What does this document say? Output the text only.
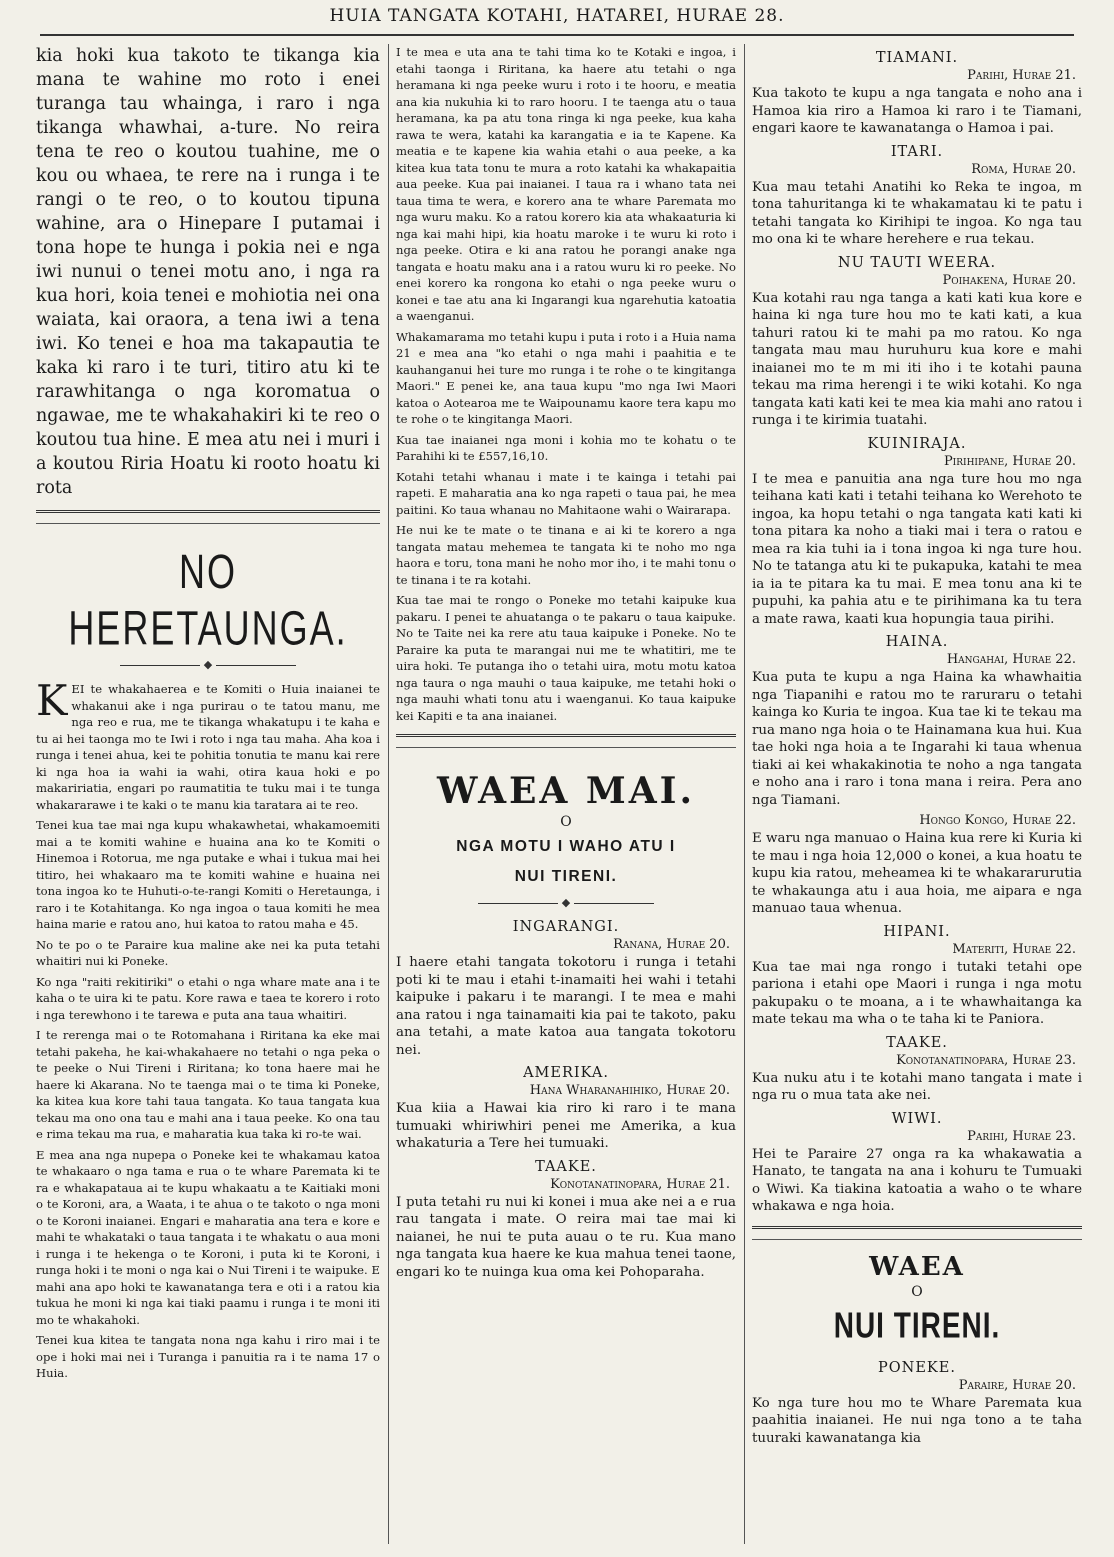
HUIA TANGATA KOTAHI, HATAREI, HURAE 28.

kia hoki kua takoto te tikanga kia mana te wahine mo roto i enei turanga tau whainga, i raro i nga tikanga whawhai, a-ture. No reira tena te reo o koutou tuahine, me o kou ou whaea, te rere na i runga i te rangi o te reo, o to koutou tipuna wahine, ara o Hinepare I putamai i tona hope te hunga i pokia nei e nga iwi nunui o tenei motu ano, i nga ra kua hori, koia tenei e mohiotia nei ona waiata, kai oraora, a tena iwi a tena iwi. Ko tenei e hoa ma takapautia te kaka ki raro i te turi, titiro atu ki te rarawhitanga o nga koromatua o ngawae, me te whakahakiri ki te reo o koutou tua hine. E mea atu nei i muri i a koutou Riria Hoatu ki rooto hoatu ki rota

NO HERETAUNGA.
◆

KEI te whakahaerea e te Komiti o Huia inaianei te whakanui ake i nga purirau o te tatou manu, me nga reo e rua, me te tikanga whakatupu i te kaha e tu ai hei taonga mo te Iwi i roto i nga tau maha. Aha koa i runga i tenei ahua, kei te pohitia tonutia te manu kai rere ki nga hoa ia wahi ia wahi, otira kaua hoki e po makaririatia, engari po raumatitia te tuku mai i te tunga whakararawe i te kaki o te manu kia taratara ai te reo.

Tenei kua tae mai nga kupu whakawhetai, whakamoemiti mai a te komiti wahine e huaina ana ko te Komiti o Hinemoa i Rotorua, me nga putake e whai i tukua mai hei titiro, hei whakaaro ma te komiti wahine e huaina nei tona ingoa ko te Huhuti-o-te-rangi Komiti o Heretaunga, i raro i te Kotahitanga. Ko nga ingoa o taua komiti he mea haina marie e ratou ano, hui katoa to ratou maha e 45.

No te po o te Paraire kua maline ake nei ka puta tetahi whaitiri nui ki Poneke.

Ko nga "raiti rekitiriki" o etahi o nga whare mate ana i te kaha o te uira ki te patu. Kore rawa e taea te korero i roto i nga terewhono i te tarewa e puta ana taua whaitiri.

I te rerenga mai o te Rotomahana i Riritana ka eke mai tetahi pakeha, he kai-whakahaere no tetahi o nga peka o te peeke o Nui Tireni i Riritana; ko tona haere mai he haere ki Akarana. No te taenga mai o te tima ki Poneke, ka kitea kua kore tahi taua tangata. Ko taua tangata kua tekau ma ono ona tau e mahi ana i taua peeke. Ko ona tau e rima tekau ma rua, e maharatia kua taka ki ro-te wai.

E mea ana nga nupepa o Poneke kei te whakamau katoa te whakaaro o nga tama e rua o te whare Paremata ki te ra e whakapataua ai te kupu whakaatu a te Kaitiaki moni o te Koroni, ara, a Waata, i te ahua o te takoto o nga moni o te Koroni inaianei. Engari e maharatia ana tera e kore e mahi te whakataki o taua tangata i te whakatu o aua moni i runga i te hekenga o te Koroni, i puta ki te Koroni, i runga hoki i te moni o nga kai o Nui Tireni i te waipuke. E mahi ana apo hoki te kawanatanga tera e oti i a ratou kia tukua he moni ki nga kai tiaki paamu i runga i te moni iti mo te whakahoki.

Tenei kua kitea te tangata nona nga kahu i riro mai i te ope i hoki mai nei i Turanga i panuitia ra i te nama 17 o Huia.

I te mea e uta ana te tahi tima ko te Kotaki e ingoa, i etahi taonga i Riritana, ka haere atu tetahi o nga heramana ki nga peeke wuru i roto i te hooru, e meatia ana kia nukuhia ki to raro hooru. I te taenga atu o taua heramana, ka pa atu tona ringa ki nga peeke, kua kaha rawa te wera, katahi ka karangatia e ia te Kapene. Ka meatia e te kapene kia wahia etahi o aua peeke, a ka kitea kua tata tonu te mura a roto katahi ka whakapaitia aua peeke. Kua pai inaianei. I taua ra i whano tata nei taua tima te wera, e korero ana te whare Paremata mo nga wuru maku. Ko a ratou korero kia ata whakaaturia ki nga kai mahi hipi, kia hoatu maroke i te wuru ki roto i nga peeke. Otira e ki ana ratou he porangi anake nga tangata e hoatu maku ana i a ratou wuru ki ro peeke. No enei korero ka rongona ko etahi o nga peeke wuru o konei e tae atu ana ki Ingarangi kua ngarehutia katoatia a waenganui.

Whakamarama mo tetahi kupu i puta i roto i a Huia nama 21 e mea ana "ko etahi o nga mahi i paahitia e te kauhanganui hei ture mo runga i te rohe o te kingitanga Maori." E penei ke, ana taua kupu "mo nga Iwi Maori katoa o Aotearoa me te Waipounamu kaore tera kapu mo te rohe o te kingitanga Maori.

Kua tae inaianei nga moni i kohia mo te kohatu o te Parahihi ki te £557,16,10.

Kotahi tetahi whanau i mate i te kainga i tetahi pai rapeti. E maharatia ana ko nga rapeti o taua pai, he mea paitini. Ko taua whanau no Mahitaone wahi o Wairarapa.

He nui ke te mate o te tinana e ai ki te korero a nga tangata matau mehemea te tangata ki te noho mo nga haora e toru, tona mani he noho mor iho, i te mahi tonu o te tinana i te ra kotahi.

Kua tae mai te rongo o Poneke mo tetahi kaipuke kua pakaru. I penei te ahuatanga o te pakaru o taua kaipuke. No te Taite nei ka rere atu taua kaipuke i Poneke. No te Paraire ka puta te marangai nui me te whatitiri, me te uira hoki. Te putanga iho o tetahi uira, motu motu katoa nga taura o nga mauhi o taua kaipuke, me tetahi hoki o nga mauhi whati tonu atu i waenganui. Ko taua kaipuke kei Kapiti e ta ana inaianei.

WAEA MAI.
O

NGA MOTU I WAHO ATU I

NUI TIRENI.

◆
INGARANGI.
Ranana, Hurae 20.

I haere etahi tangata tokotoru i runga i tetahi poti ki te mau i etahi t-inamaiti hei wahi i tetahi kaipuke i pakaru i te marangi. I te mea e mahi ana ratou i nga tainamaiti kia pai te takoto, paku ana tetahi, a mate katoa aua tangata tokotoru nei.

AMERIKA.
Hana Wharanahihiko, Hurae 20.

Kua kiia a Hawai kia riro ki raro i te mana tumuaki whiriwhiri penei me Amerika, a kua whakaturia a Tere hei tumuaki.

TAAKE.
Konotanatinopara, Hurae 21.

I puta tetahi ru nui ki konei i mua ake nei a e rua rau tangata i mate. O reira mai tae mai ki naianei, he nui te puta auau o te ru. Kua mano nga tangata kua haere ke kua mahua tenei taone, engari ko te nuinga kua oma kei Pohoparaha.

TIAMANI.
Parihi, Hurae 21.

Kua takoto te kupu a nga tangata e noho ana i Hamoa kia riro a Hamoa ki raro i te Tiamani, engari kaore te kawanatanga o Hamoa i pai.

ITARI.
Roma, Hurae 20.

Kua mau tetahi Anatihi ko Reka te ingoa, m tona tahuritanga ki te whakamatau ki te patu i tetahi tangata ko Kirihipi te ingoa. Ko nga tau mo ona ki te whare herehere e rua tekau.

NU TAUTI WEERA.
Poihakena, Hurae 20.

Kua kotahi rau nga tanga a kati kati kua kore e haina ki nga ture hou mo te kati kati, a kua tahuri ratou ki te mahi pa mo ratou. Ko nga tangata mau mau huruhuru kua kore e mahi inaianei mo te m mi iti iho i te kotahi pauna tekau ma rima herengi i te wiki kotahi. Ko nga tangata kati kati kei te mea kia mahi ano ratou i runga i te kirimia tuatahi.

KUINIRAJA.
Pirihipane, Hurae 20.

I te mea e panuitia ana nga ture hou mo nga teihana kati kati i tetahi teihana ko Werehoto te ingoa, ka hopu tetahi o nga tangata kati kati ki tona pitara ka noho a tiaki mai i tera o ratou e mea ra kia tuhi ia i tona ingoa ki nga ture hou. No te tatanga atu ki te pukapuka, katahi te mea ia ia te pitara ka tu mai. E mea tonu ana ki te pupuhi, ka pahia atu e te pirihimana ka tu tera a mate rawa, kaati kua hopungia taua pirihi.

HAINA.
Hangahai, Hurae 22.

Kua puta te kupu a nga Haina ka whawhaitia nga Tiapanihi e ratou mo te raruraru o tetahi kainga ko Kuria te ingoa. Kua tae ki te tekau ma rua mano nga hoia o te Hainamana kua hui. Kua tae hoki nga hoia a te Ingarahi ki taua whenua tiaki ai kei whakakinotia te noho a nga tangata e noho ana i raro i tona mana i reira. Pera ano nga Tiamani.

Hongo Kongo, Hurae 22.

E waru nga manuao o Haina kua rere ki Kuria ki te mau i nga hoia 12,000 o konei, a kua hoatu te kupu kia ratou, meheamea ki te whakararurutia te whakaunga atu i aua hoia, me aipara e nga manuao taua whenua.

HIPANI.
Materiti, Hurae 22.

Kua tae mai nga rongo i tutaki tetahi ope pariona i etahi ope Maori i runga i nga motu pakupaku o te moana, a i te whawhaitanga ka mate tekau ma wha o te taha ki te Paniora.

TAAKE.
Konotanatinopara, Hurae 23.

Kua nuku atu i te kotahi mano tangata i mate i nga ru o mua tata ake nei.

WIWI.
Parihi, Hurae 23.

Hei te Paraire 27 onga ra ka whakawatia a Hanato, te tangata na ana i kohuru te Tumuaki o Wiwi. Ka tiakina katoatia a waho o te whare whakawa e nga hoia.

WAEA
O
NUI TIRENI.
PONEKE.
Paraire, Hurae 20.

Ko nga ture hou mo te Whare Paremata kua paahitia inaianei. He nui nga tono a te taha tuuraki kawanatanga kia
